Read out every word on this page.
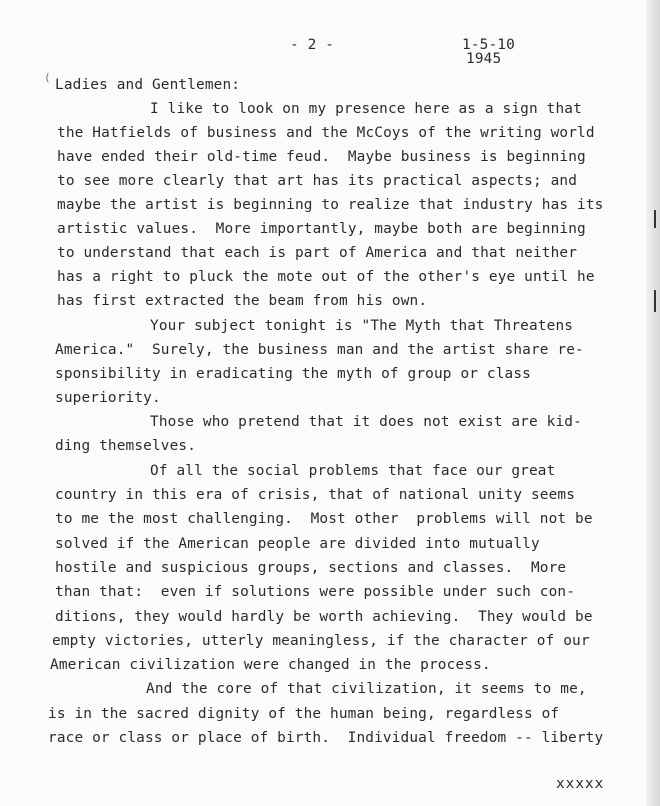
- 2 -	1-5-10
1945
( Ladies and Gentlemen:
I like to look on my presence here as a sign that
the Hatfields of business and the McCoys of the writing world
have ended their old-time feud.  Maybe business is beginning
to see more clearly that art has its practical aspects; and
maybe the artist is beginning to realize that industry has its
artistic values.  More importantly, maybe both are beginning
to understand that each is part of America and that neither
has a right to pluck the mote out of the other's eye until he
has first extracted the beam from his own.
Your subject tonight is "The Myth that Threatens
America."  Surely, the business man and the artist share re-
sponsibility in eradicating the myth of group or class
superiority.
Those who pretend that it does not exist are kid-
ding themselves.
Of all the social problems that face our great
country in this era of crisis, that of national unity seems
to me the most challenging.  Most other  problems will not be
solved if the American people are divided into mutually
hostile and suspicious groups, sections and classes.  More
than that:  even if solutions were possible under such con-
ditions, they would hardly be worth achieving.  They would be
empty victories, utterly meaningless, if the character of our
American civilization were changed in the process.
And the core of that civilization, it seems to me,
is in the sacred dignity of the human being, regardless of
race or class or place of birth.  Individual freedom -- liberty
xxxxx
